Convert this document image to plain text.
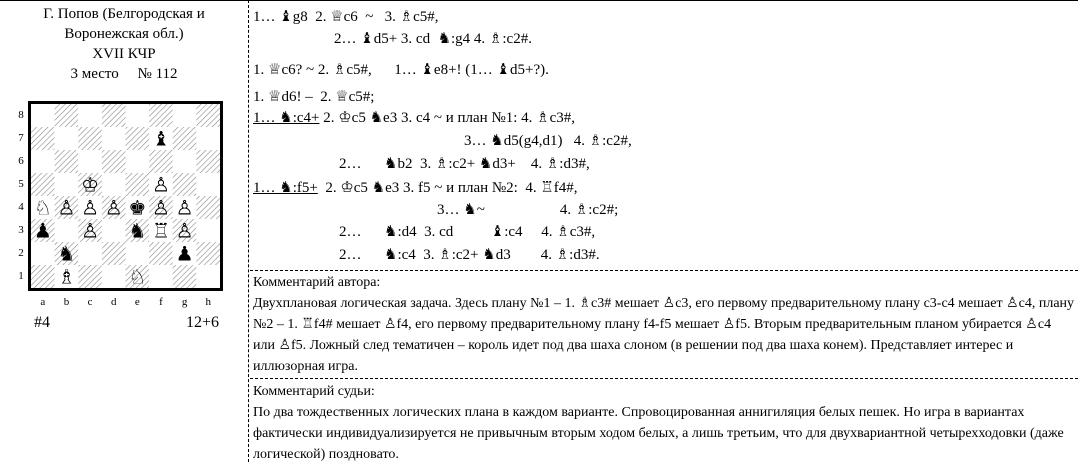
Г. Попов (Белгородская и
Воронежская обл.)
XVII КЧР
3 место № 112
♝
♔	♙
♘ ♙ ♙ ♙ ♚ ♙ ♙
♟ ♙ ♞ ♖ ♙
♞	♟
♗	♘
8
7
6
5
4
3
2
1
a b c d e f g h
#4	12+6
1… ♝g8  2. ♕c6  ~   3. ♗c5#,
2… ♝d5+ 3. cd  ♞:g4 4. ♗:c2#.
1. ♕c6? ~ 2. ♗c5#,      1… ♝e8+! (1… ♝d5+?).
1. ♕d6! –  2. ♕c5#;
1… ♞:c4+ 2. ♔c5 ♞e3 3. c4 ~ и план №1: 4. ♗c3#,
3… ♞d5(g4,d1)   4. ♗:c2#,
2…      ♞b2  3. ♗:c2+ ♞d3+    4. ♗:d3#,
1… ♞:f5+  2. ♔c5 ♞e3 3. f5 ~ и план №2:  4. ♖f4#,
3… ♞~                    4. ♗:c2#;
2…      ♞:d4  3. cd          ♝:c4     4. ♗c3#,
2…      ♞:c4  3. ♗:c2+ ♞d3        4. ♗:d3#.
Комментарий автора:
Двухплановая логическая задача. Здесь плану №1 – 1. ♗c3# мешает ♙c3, его первому предварительному плану c3-c4 мешает ♙c4, плану №2 – 1. ♖f4# мешает ♙f4, его первому предварительному плану f4-f5 мешает ♙f5. Вторым предварительным планом убирается ♙c4 или ♙f5. Ложный след тематичен – король идет под два шаха слоном (в решении под два шаха конем). Представляет интерес и иллюзорная игра.
Комментарий судьи:
По два тождественных логических плана в каждом варианте. Спровоцированная аннигиляция белых пешек. Но игра в вариантах фактически индивидуализируется не привычным вторым ходом белых, а лишь третьим, что для двухвариантной четырехходовки (даже логической) поздновато.
